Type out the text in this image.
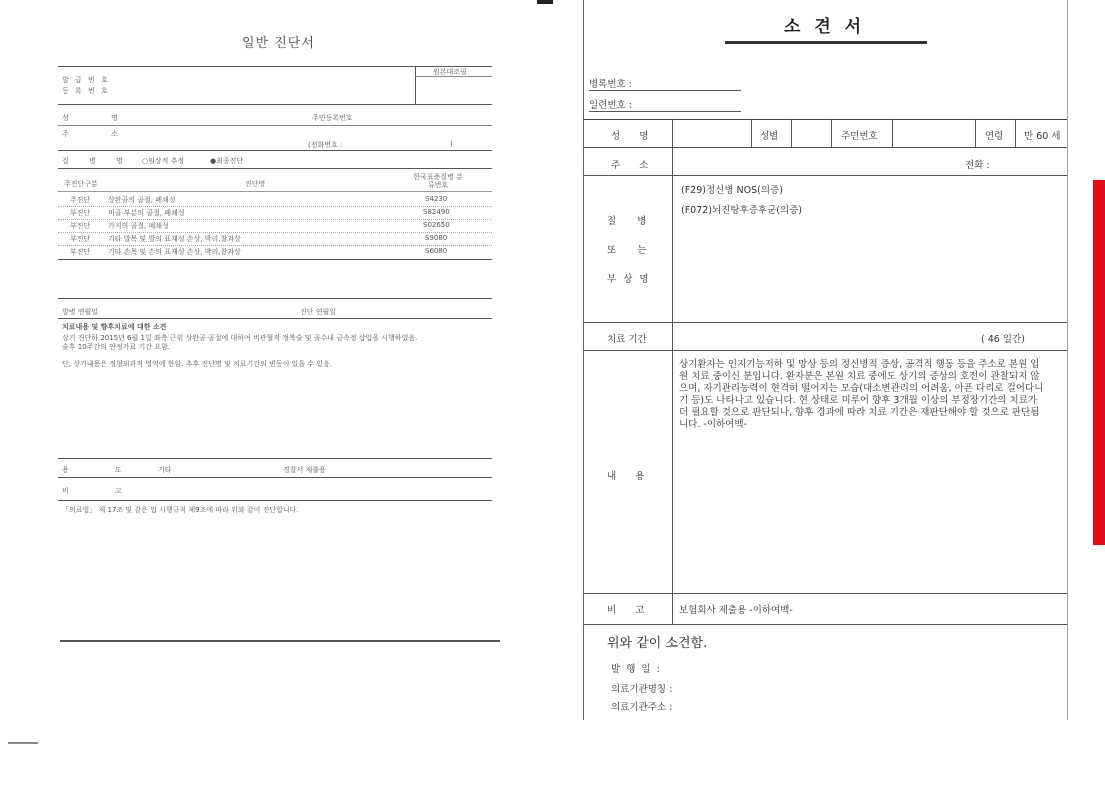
일반 진단서
원본대조필
발 급 번 호
등 록 번 호
성 명	주민등록번호
주 소
(전화번호 :	)
질 병 명	○임상적 추정	●최종진단
주진단구분	진단명
한국표준질병 분류번호
주진단	상완골의 골절, 폐쇄성	S4230
부진단	비골 부분의 골절, 폐쇄성	S82490
부진단	가지의 골절, 폐쇄성	S02650
부진단	기타 발목 및 발의 표재성 손상, 박리,찰과상	S9080
부진단	기타 손목 및 손의 표재성 손상, 박리,찰과상	S6080
발병 연월일	진단 연월일
치료내용 및 향후치료에 대한 소견
상기 진단하 2015년 6월 1일 좌측 근위 상완골 골절에 대하여 비관혈적 정복술 및 골수내 금속정 삽입을 시행하였음.
술후 10주간의 안정가료 기간 요함.
단, 상기내용은 정형외과적 영역에 한함. 추후 진단명 및 치료기간의 변동이 있을 수 있음.
용 도	기타	경찰서 제출용
비 고
「의료법」 제 17조 및 같은 법 시행규칙 제9조에 따라 위와 같이 진단합니다.
소 견 서
병록번호 :
일련번호 :
성 명	성별	주민번호	연령 만 60 세
주 소	전화 :
질 병
또 는
부 상 명
(F29)정신병 NOS(의증)
(F072)뇌진탕후증후군(의증)
치료 기간	( 46 일간)
내 용
상기환자는 인지기능저하 및 망상 등의 정신병적 증상, 공격적 행동 등을 주소로 본원 입
원 치료 중이신 분입니다. 환자분은 본원 치료 중에도 상기의 증상의 호전이 관찰되지 않
으며, 자기관리능력이 현격히 떨어지는 모습(대소변관리의 어려움, 아픈 다리로 걸어다니
기 등)도 나타나고 있습니다. 현 상태로 미루어 향후 3개월 이상의 부정장기간의 치료가
더 필요할 것으로 판단되나, 향후 경과에 따라 치료 기간은 재판단해야 할 것으로 판단됨
니다. -이하여백-
비 고	보험회사 제출용 -이하여백-
위와 같이 소견함.
발 행 일 :
의료기관명칭 :
의료기관주소 :
